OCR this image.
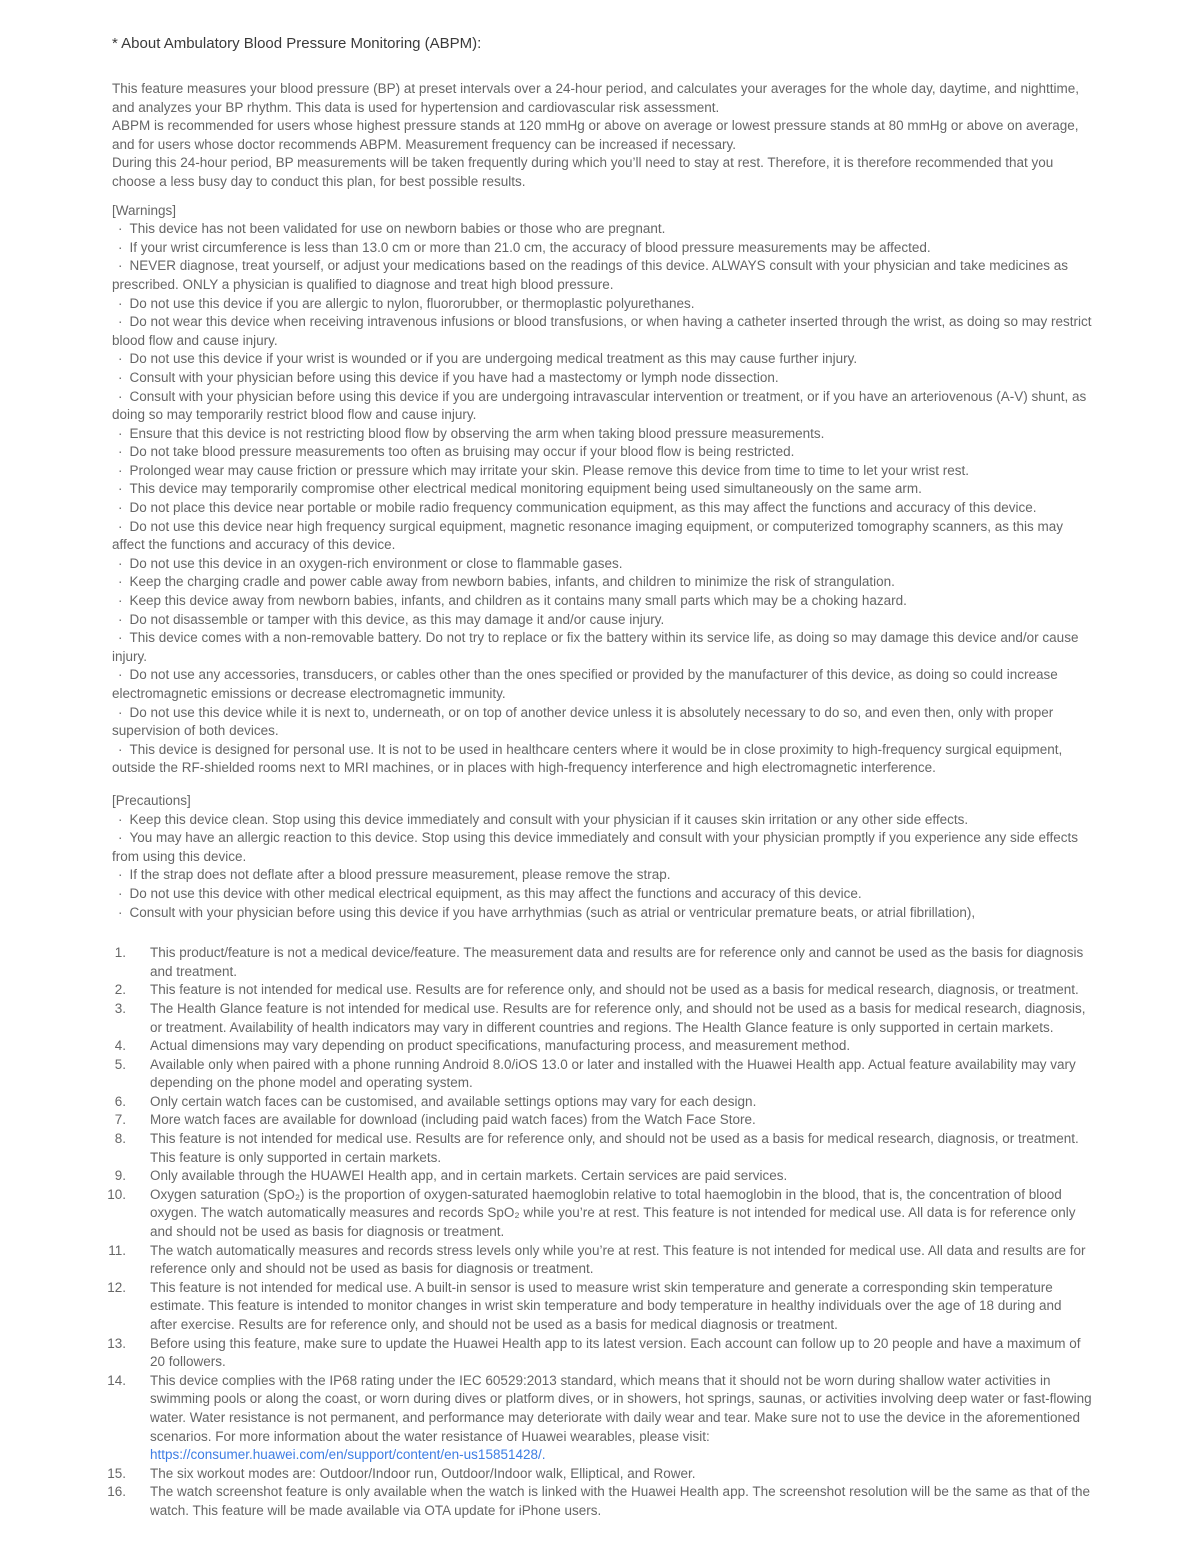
* About Ambulatory Blood Pressure Monitoring (ABPM):

This feature measures your blood pressure (BP) at preset intervals over a 24-hour period, and calculates your averages for the whole day, daytime, and nighttime, and analyzes your BP rhythm. This data is used for hypertension and cardiovascular risk assessment.

ABPM is recommended for users whose highest pressure stands at 120 mmHg or above on average or lowest pressure stands at 80 mmHg or above on average, and for users whose doctor recommends ABPM. Measurement frequency can be increased if necessary.

During this 24-hour period, BP measurements will be taken frequently during which you’ll need to stay at rest. Therefore, it is therefore recommended that you choose a less busy day to conduct this plan, for best possible results.

[Warnings]

· This device has not been validated for use on newborn babies or those who are pregnant.

· If your wrist circumference is less than 13.0 cm or more than 21.0 cm, the accuracy of blood pressure measurements may be affected.

· NEVER diagnose, treat yourself, or adjust your medications based on the readings of this device. ALWAYS consult with your physician and take medicines as prescribed. ONLY a physician is qualified to diagnose and treat high blood pressure.

· Do not use this device if you are allergic to nylon, fluororubber, or thermoplastic polyurethanes.

· Do not wear this device when receiving intravenous infusions or blood transfusions, or when having a catheter inserted through the wrist, as doing so may restrict blood flow and cause injury.

· Do not use this device if your wrist is wounded or if you are undergoing medical treatment as this may cause further injury.

· Consult with your physician before using this device if you have had a mastectomy or lymph node dissection.

· Consult with your physician before using this device if you are undergoing intravascular intervention or treatment, or if you have an arteriovenous (A-V) shunt, as doing so may temporarily restrict blood flow and cause injury.

· Ensure that this device is not restricting blood flow by observing the arm when taking blood pressure measurements.

· Do not take blood pressure measurements too often as bruising may occur if your blood flow is being restricted.

· Prolonged wear may cause friction or pressure which may irritate your skin. Please remove this device from time to time to let your wrist rest.

· This device may temporarily compromise other electrical medical monitoring equipment being used simultaneously on the same arm.

· Do not place this device near portable or mobile radio frequency communication equipment, as this may affect the functions and accuracy of this device.

· Do not use this device near high frequency surgical equipment, magnetic resonance imaging equipment, or computerized tomography scanners, as this may affect the functions and accuracy of this device.

· Do not use this device in an oxygen-rich environment or close to flammable gases.

· Keep the charging cradle and power cable away from newborn babies, infants, and children to minimize the risk of strangulation.

· Keep this device away from newborn babies, infants, and children as it contains many small parts which may be a choking hazard.

· Do not disassemble or tamper with this device, as this may damage it and/or cause injury.

· This device comes with a non-removable battery. Do not try to replace or fix the battery within its service life, as doing so may damage this device and/or cause injury.

· Do not use any accessories, transducers, or cables other than the ones specified or provided by the manufacturer of this device, as doing so could increase electromagnetic emissions or decrease electromagnetic immunity.

· Do not use this device while it is next to, underneath, or on top of another device unless it is absolutely necessary to do so, and even then, only with proper supervision of both devices.

· This device is designed for personal use. It is not to be used in healthcare centers where it would be in close proximity to high-frequency surgical equipment, outside the RF-shielded rooms next to MRI machines, or in places with high-frequency interference and high electromagnetic interference.

[Precautions]

· Keep this device clean. Stop using this device immediately and consult with your physician if it causes skin irritation or any other side effects.

· You may have an allergic reaction to this device. Stop using this device immediately and consult with your physician promptly if you experience any side effects from using this device.

· If the strap does not deflate after a blood pressure measurement, please remove the strap.

· Do not use this device with other medical electrical equipment, as this may affect the functions and accuracy of this device.

· Consult with your physician before using this device if you have arrhythmias (such as atrial or ventricular premature beats, or atrial fibrillation),

1. This product/feature is not a medical device/feature. The measurement data and results are for reference only and cannot be used as the basis for diagnosis and treatment.
2. This feature is not intended for medical use. Results are for reference only, and should not be used as a basis for medical research, diagnosis, or treatment.
3. The Health Glance feature is not intended for medical use. Results are for reference only, and should not be used as a basis for medical research, diagnosis, or treatment. Availability of health indicators may vary in different countries and regions. The Health Glance feature is only supported in certain markets.
4. Actual dimensions may vary depending on product specifications, manufacturing process, and measurement method.
5. Available only when paired with a phone running Android 8.0/iOS 13.0 or later and installed with the Huawei Health app. Actual feature availability may vary depending on the phone model and operating system.
6. Only certain watch faces can be customised, and available settings options may vary for each design.
7. More watch faces are available for download (including paid watch faces) from the Watch Face Store.
8. This feature is not intended for medical use. Results are for reference only, and should not be used as a basis for medical research, diagnosis, or treatment. This feature is only supported in certain markets.
9. Only available through the HUAWEI Health app, and in certain markets. Certain services are paid services.
10. Oxygen saturation (SpO₂) is the proportion of oxygen-saturated haemoglobin relative to total haemoglobin in the blood, that is, the concentration of blood oxygen. The watch automatically measures and records SpO₂ while you’re at rest. This feature is not intended for medical use. All data is for reference only and should not be used as basis for diagnosis or treatment.
11. The watch automatically measures and records stress levels only while you’re at rest. This feature is not intended for medical use. All data and results are for reference only and should not be used as basis for diagnosis or treatment.
12. This feature is not intended for medical use. A built-in sensor is used to measure wrist skin temperature and generate a corresponding skin temperature estimate. This feature is intended to monitor changes in wrist skin temperature and body temperature in healthy individuals over the age of 18 during and after exercise. Results are for reference only, and should not be used as a basis for medical diagnosis or treatment.
13. Before using this feature, make sure to update the Huawei Health app to its latest version. Each account can follow up to 20 people and have a maximum of 20 followers.
14. This device complies with the IP68 rating under the IEC 60529:2013 standard, which means that it should not be worn during shallow water activities in swimming pools or along the coast, or worn during dives or platform dives, or in showers, hot springs, saunas, or activities involving deep water or fast-flowing water. Water resistance is not permanent, and performance may deteriorate with daily wear and tear. Make sure not to use the device in the aforementioned scenarios. For more information about the water resistance of Huawei wearables, please visit:
https://consumer.huawei.com/en/support/content/en-us15851428/.
15. The six workout modes are: Outdoor/Indoor run, Outdoor/Indoor walk, Elliptical, and Rower.
16. The watch screenshot feature is only available when the watch is linked with the Huawei Health app. The screenshot resolution will be the same as that of the watch. This feature will be made available via OTA update for iPhone users.
